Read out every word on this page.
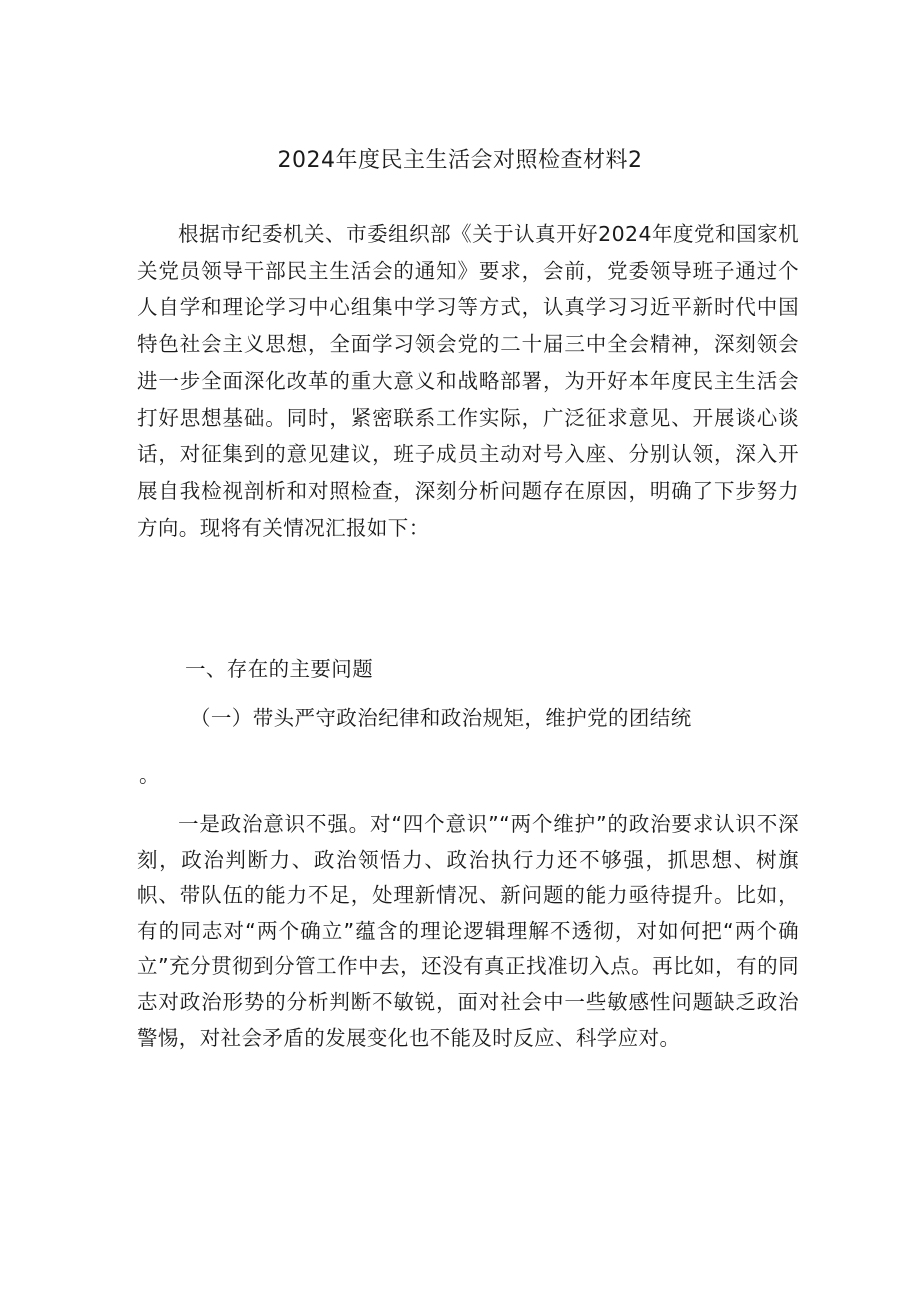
2024年度民主生活会对照检查材料2

根据市纪委机关、市委组织部《关于认真开好2024年度党和国家机关党员领导干部民主生活会的通知》要求，会前，党委领导班子通过个人自学和理论学习中心组集中学习等方式，认真学习习近平新时代中国特色社会主义思想，全面学习领会党的二十届三中全会精神，深刻领会进一步全面深化改革的重大意义和战略部署，为开好本年度民主生活会打好思想基础。同时，紧密联系工作实际，广泛征求意见、开展谈心谈话，对征集到的意见建议，班子成员主动对号入座、分别认领，深入开展自我检视剖析和对照检查，深刻分析问题存在原因，明确了下步努力方向。现将有关情况汇报如下：

一、存在的主要问题
（一）带头严守政治纪律和政治规矩，维护党的团结统
。

一是政治意识不强。对“四个意识”“两个维护”的政治要求认识不深刻，政治判断力、政治领悟力、政治执行力还不够强，抓思想、树旗帜、带队伍的能力不足，处理新情况、新问题的能力亟待提升。比如，有的同志对“两个确立”蕴含的理论逻辑理解不透彻，对如何把“两个确立”充分贯彻到分管工作中去，还没有真正找准切入点。再比如，有的同志对政治形势的分析判断不敏锐，面对社会中一些敏感性问题缺乏政治警惕，对社会矛盾的发展变化也不能及时反应、科学应对。
